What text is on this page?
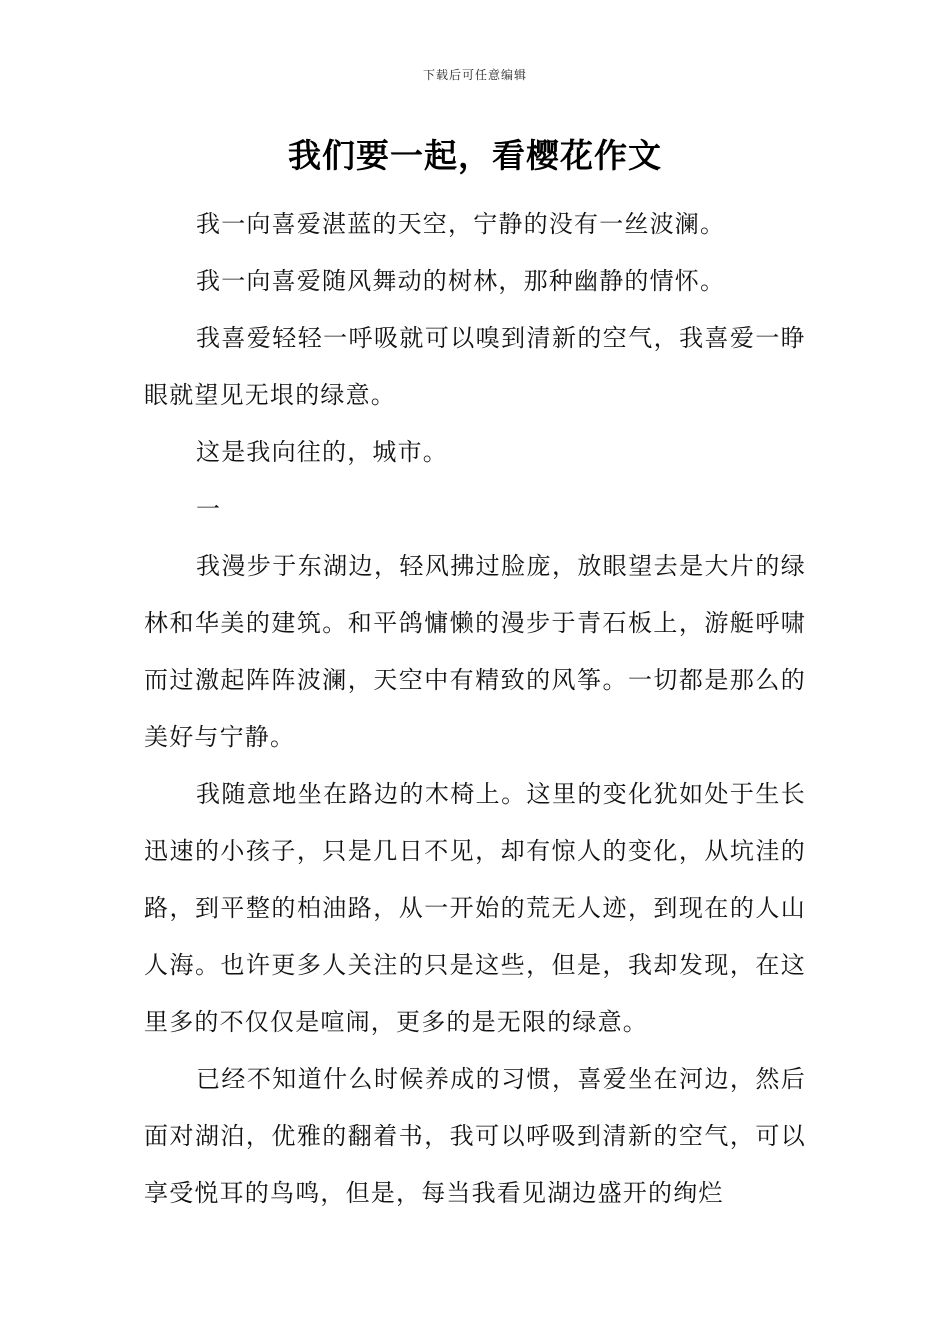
下载后可任意编辑
我们要一起，看樱花作文

我一向喜爱湛蓝的天空，宁静的没有一丝波澜。

我一向喜爱随风舞动的树林，那种幽静的情怀。

我喜爱轻轻一呼吸就可以嗅到清新的空气，我喜爱一睁眼就望见无垠的绿意。

这是我向往的，城市。

一

我漫步于东湖边，轻风拂过脸庞，放眼望去是大片的绿林和华美的建筑。和平鸽慵懒的漫步于青石板上，游艇呼啸而过激起阵阵波澜，天空中有精致的风筝。一切都是那么的美好与宁静。

我随意地坐在路边的木椅上。这里的变化犹如处于生长迅速的小孩子，只是几日不见，却有惊人的变化，从坑洼的路，到平整的柏油路，从一开始的荒无人迹，到现在的人山人海。也许更多人关注的只是这些，但是，我却发现，在这里多的不仅仅是喧闹，更多的是无限的绿意。

已经不知道什么时候养成的习惯，喜爱坐在河边，然后面对湖泊，优雅的翻着书，我可以呼吸到清新的空气，可以享受悦耳的鸟鸣，但是，每当我看见湖边盛开的绚烂
